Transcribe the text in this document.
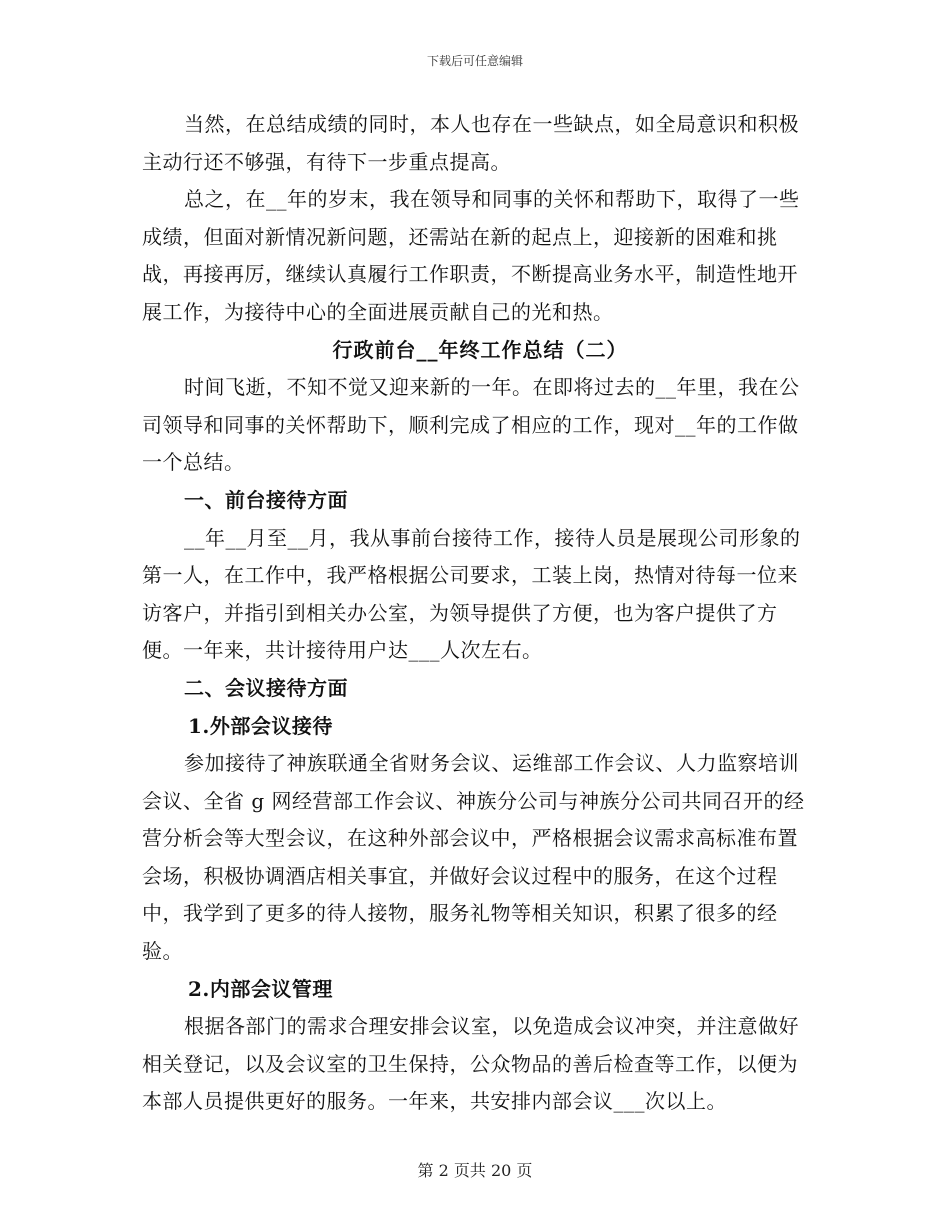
下载后可任意编辑

当然，在总结成绩的同时，本人也存在一些缺点，如全局意识和积极主动行还不够强，有待下一步重点提高。

总之，在__年的岁末，我在领导和同事的关怀和帮助下，取得了一些成绩，但面对新情况新问题，还需站在新的起点上，迎接新的困难和挑战，再接再厉，继续认真履行工作职责，不断提高业务水平，制造性地开展工作，为接待中心的全面进展贡献自己的光和热。

行政前台__年终工作总结（二）

时间飞逝，不知不觉又迎来新的一年。在即将过去的__年里，我在公司领导和同事的关怀帮助下，顺利完成了相应的工作，现对__年的工作做一个总结。

一、前台接待方面

__年__月至__月，我从事前台接待工作，接待人员是展现公司形象的第一人，在工作中，我严格根据公司要求，工装上岗，热情对待每一位来访客户，并指引到相关办公室，为领导提供了方便，也为客户提供了方便。一年来，共计接待用户达___人次左右。

二、会议接待方面

1.外部会议接待

参加接待了神族联通全省财务会议、运维部工作会议、人力监察培训会议、全省 g 网经营部工作会议、神族分公司与神族分公司共同召开的经营分析会等大型会议，在这种外部会议中，严格根据会议需求高标准布置会场，积极协调酒店相关事宜，并做好会议过程中的服务，在这个过程中，我学到了更多的待人接物，服务礼物等相关知识，积累了很多的经验。

2.内部会议管理

根据各部门的需求合理安排会议室，以免造成会议冲突，并注意做好相关登记，以及会议室的卫生保持，公众物品的善后检查等工作，以便为本部人员提供更好的服务。一年来，共安排内部会议___次以上。

第 2 页共 20 页
